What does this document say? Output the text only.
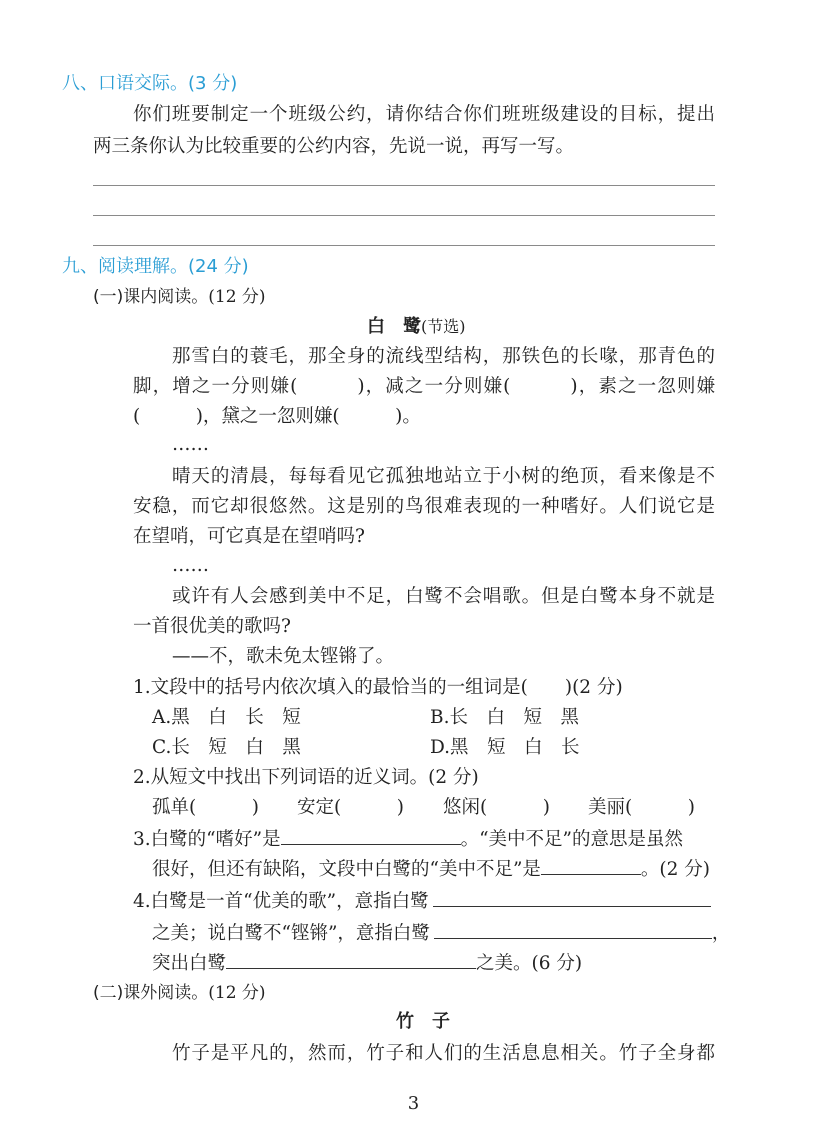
八、口语交际。(3 分)
你们班要制定一个班级公约，请你结合你们班班级建设的目标，提出
两三条你认为比较重要的公约内容，先说一说，再写一写。
九、阅读理解。(24 分)
(一)课内阅读。(12 分)
白　鹭(节选)
那雪白的蓑毛，那全身的流线型结构，那铁色的长喙，那青色的
脚，增之一分则嫌(　　　)，减之一分则嫌(　　　)，素之一忽则嫌
(　　　)，黛之一忽则嫌(　　　)。
……
晴天的清晨，每每看见它孤独地站立于小树的绝顶，看来像是不
安稳，而它却很悠然。这是别的鸟很难表现的一种嗜好。人们说它是
在望哨，可它真是在望哨吗?
……
或许有人会感到美中不足，白鹭不会唱歌。但是白鹭本身不就是
一首很优美的歌吗?
——不，歌未免太铿锵了。
1.文段中的括号内依次填入的最恰当的一组词是(　　)(2 分)
A.黑　白　长　短	B.长　白　短　黑
C.长　短　白　黑	D.黑　短　白　长
2.从短文中找出下列词语的近义词。(2 分)
孤单(　　　) 安定(　　　) 悠闲(　　　) 美丽(　　　)
3.白鹭的“嗜好”是	。“美中不足”的意思是虽然
很好，但还有缺陷，文段中白鹭的“美中不足”是	。(2 分)
4.白鹭是一首“优美的歌”，意指白鹭
之美；说白鹭不“铿锵”，意指白鹭	，
突出白鹭	之美。(6 分)
(二)课外阅读。(12 分)
竹　子
竹子是平凡的，然而，竹子和人们的生活息息相关。竹子全身都
3
